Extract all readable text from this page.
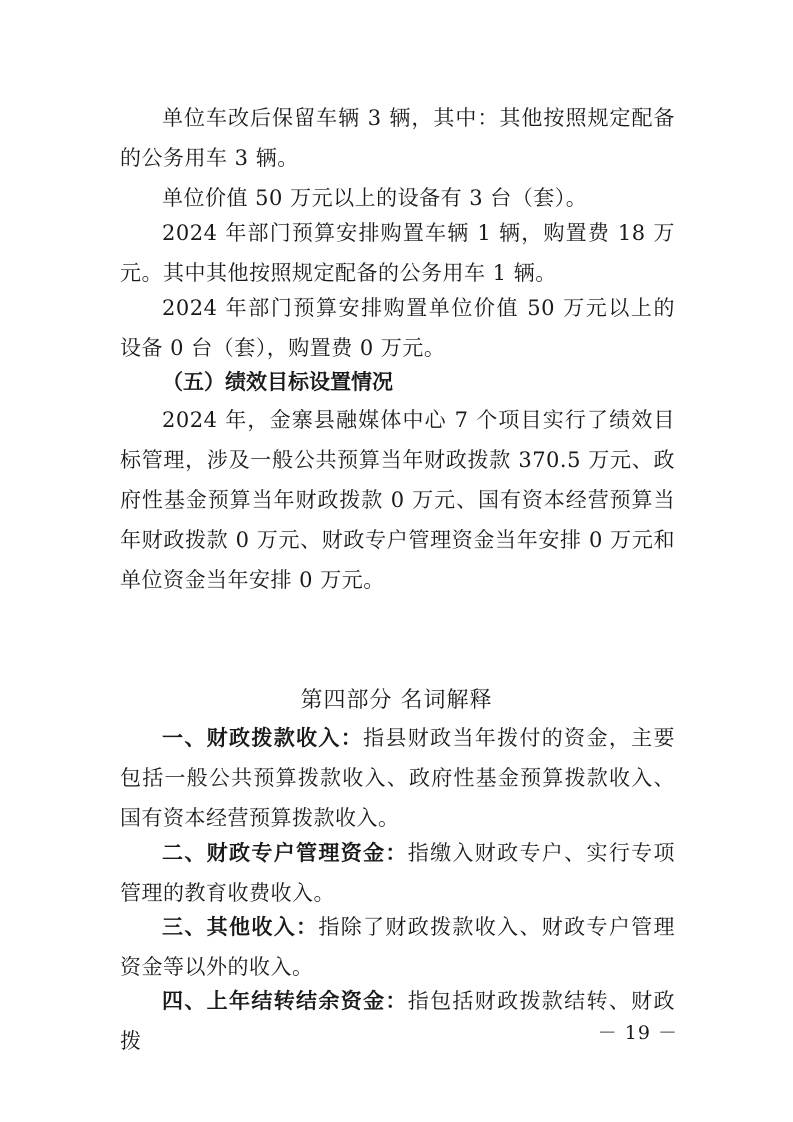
单位车改后保留车辆 3 辆，其中：其他按照规定配备的公务用车 3 辆。

单位价值 50 万元以上的设备有 3 台（套）。

2024 年部门预算安排购置车辆 1 辆，购置费 18 万元。其中其他按照规定配备的公务用车 1 辆。

2024 年部门预算安排购置单位价值 50 万元以上的设备 0 台（套），购置费 0 万元。

（五）绩效目标设置情况

2024 年，金寨县融媒体中心 7 个项目实行了绩效目标管理，涉及一般公共预算当年财政拨款 370.5 万元、政府性基金预算当年财政拨款 0 万元、国有资本经营预算当年财政拨款 0 万元、财政专户管理资金当年安排 0 万元和单位资金当年安排 0 万元。

第四部分 名词解释

一、财政拨款收入：指县财政当年拨付的资金，主要包括一般公共预算拨款收入、政府性基金预算拨款收入、国有资本经营预算拨款收入。

二、财政专户管理资金：指缴入财政专户、实行专项管理的教育收费收入。

三、其他收入：指除了财政拨款收入、财政专户管理资金等以外的收入。

四、上年结转结余资金：指包括财政拨款结转、财政拨	－ 19 －
